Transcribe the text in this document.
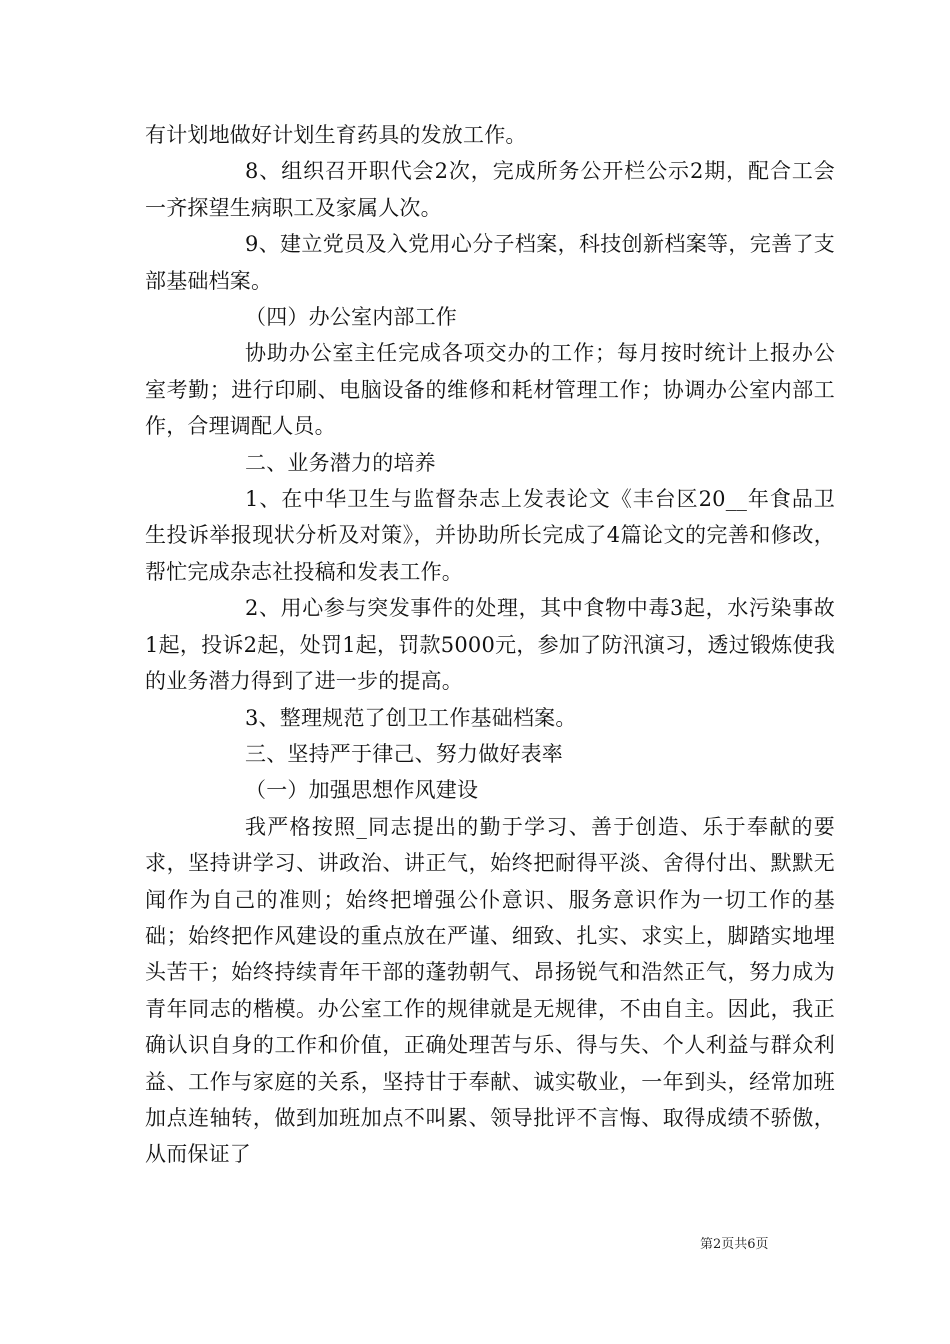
有计划地做好计划生育药具的发放工作。

8、组织召开职代会2次，完成所务公开栏公示2期，配合工会一齐探望生病职工及家属人次。

9、建立党员及入党用心分子档案，科技创新档案等，完善了支部基础档案。

（四）办公室内部工作

协助办公室主任完成各项交办的工作；每月按时统计上报办公室考勤；进行印刷、电脑设备的维修和耗材管理工作；协调办公室内部工作，合理调配人员。

二、业务潜力的培养

1、在中华卫生与监督杂志上发表论文《丰台区20__年食品卫生投诉举报现状分析及对策》，并协助所长完成了4篇论文的完善和修改，帮忙完成杂志社投稿和发表工作。

2、用心参与突发事件的处理，其中食物中毒3起，水污染事故1起，投诉2起，处罚1起，罚款5000元，参加了防汛演习，透过锻炼使我的业务潜力得到了进一步的提高。

3、整理规范了创卫工作基础档案。

三、坚持严于律己、努力做好表率

（一）加强思想作风建设

我严格按照_同志提出的勤于学习、善于创造、乐于奉献的要求，坚持讲学习、讲政治、讲正气，始终把耐得平淡、舍得付出、默默无闻作为自己的准则；始终把增强公仆意识、服务意识作为一切工作的基础；始终把作风建设的重点放在严谨、细致、扎实、求实上，脚踏实地埋头苦干；始终持续青年干部的蓬勃朝气、昂扬锐气和浩然正气，努力成为青年同志的楷模。办公室工作的规律就是无规律，不由自主。因此，我正确认识自身的工作和价值，正确处理苦与乐、得与失、个人利益与群众利益、工作与家庭的关系，坚持甘于奉献、诚实敬业，一年到头，经常加班加点连轴转，做到加班加点不叫累、领导批评不言悔、取得成绩不骄傲，从而保证了

第2页共6页
